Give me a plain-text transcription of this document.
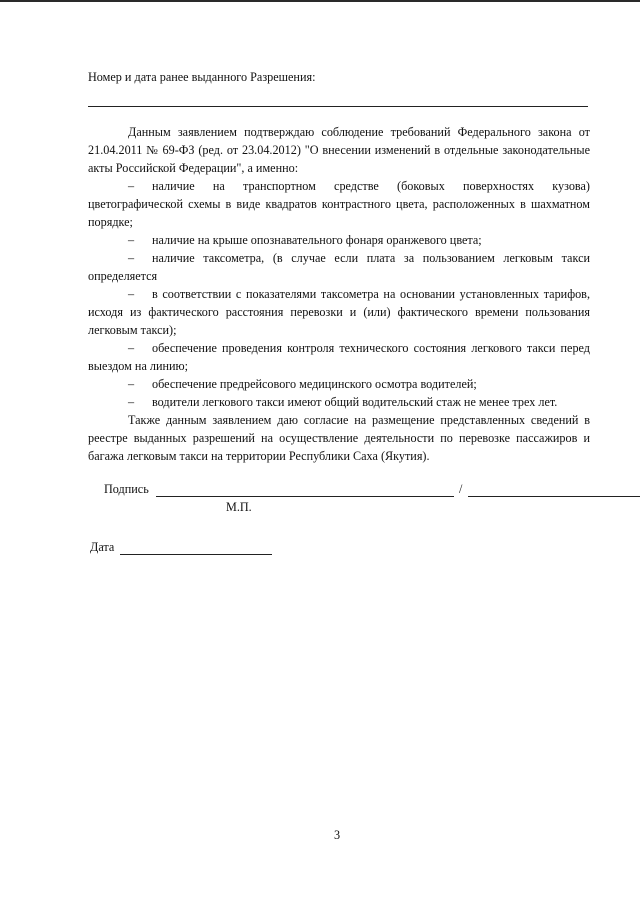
Номер и дата ранее выданного Разрешения:

Данным заявлением подтверждаю соблюдение требований Федерального закона от 21.04.2011 № 69-ФЗ (ред. от 23.04.2012) "О внесении изменений в отдельные законодательные акты Российской Федерации", а именно:

– наличие на транспортном средстве (боковых поверхностях кузова) цветографической схемы в виде квадратов контрастного цвета, расположенных в шахматном порядке;

– наличие на крыше опознавательного фонаря оранжевого цвета;

– наличие таксометра, (в случае если плата за пользованием легковым такси определяется

– в соответствии с показателями таксометра на основании установленных тарифов, исходя из фактического расстояния перевозки и (или) фактического времени пользования легковым такси);

– обеспечение проведения контроля технического состояния легкового такси перед выездом на линию;

– обеспечение предрейсового медицинского осмотра водителей;

– водители легкового такси имеют общий водительский стаж не менее трех лет.

Также данным заявлением даю согласие на размещение представленных сведений в реестре выданных разрешений на осуществление деятельности по перевозке пассажиров и багажа легковым такси на территории Республики Саха (Якутия).

Подпись	/
М.П.
Дата
3
